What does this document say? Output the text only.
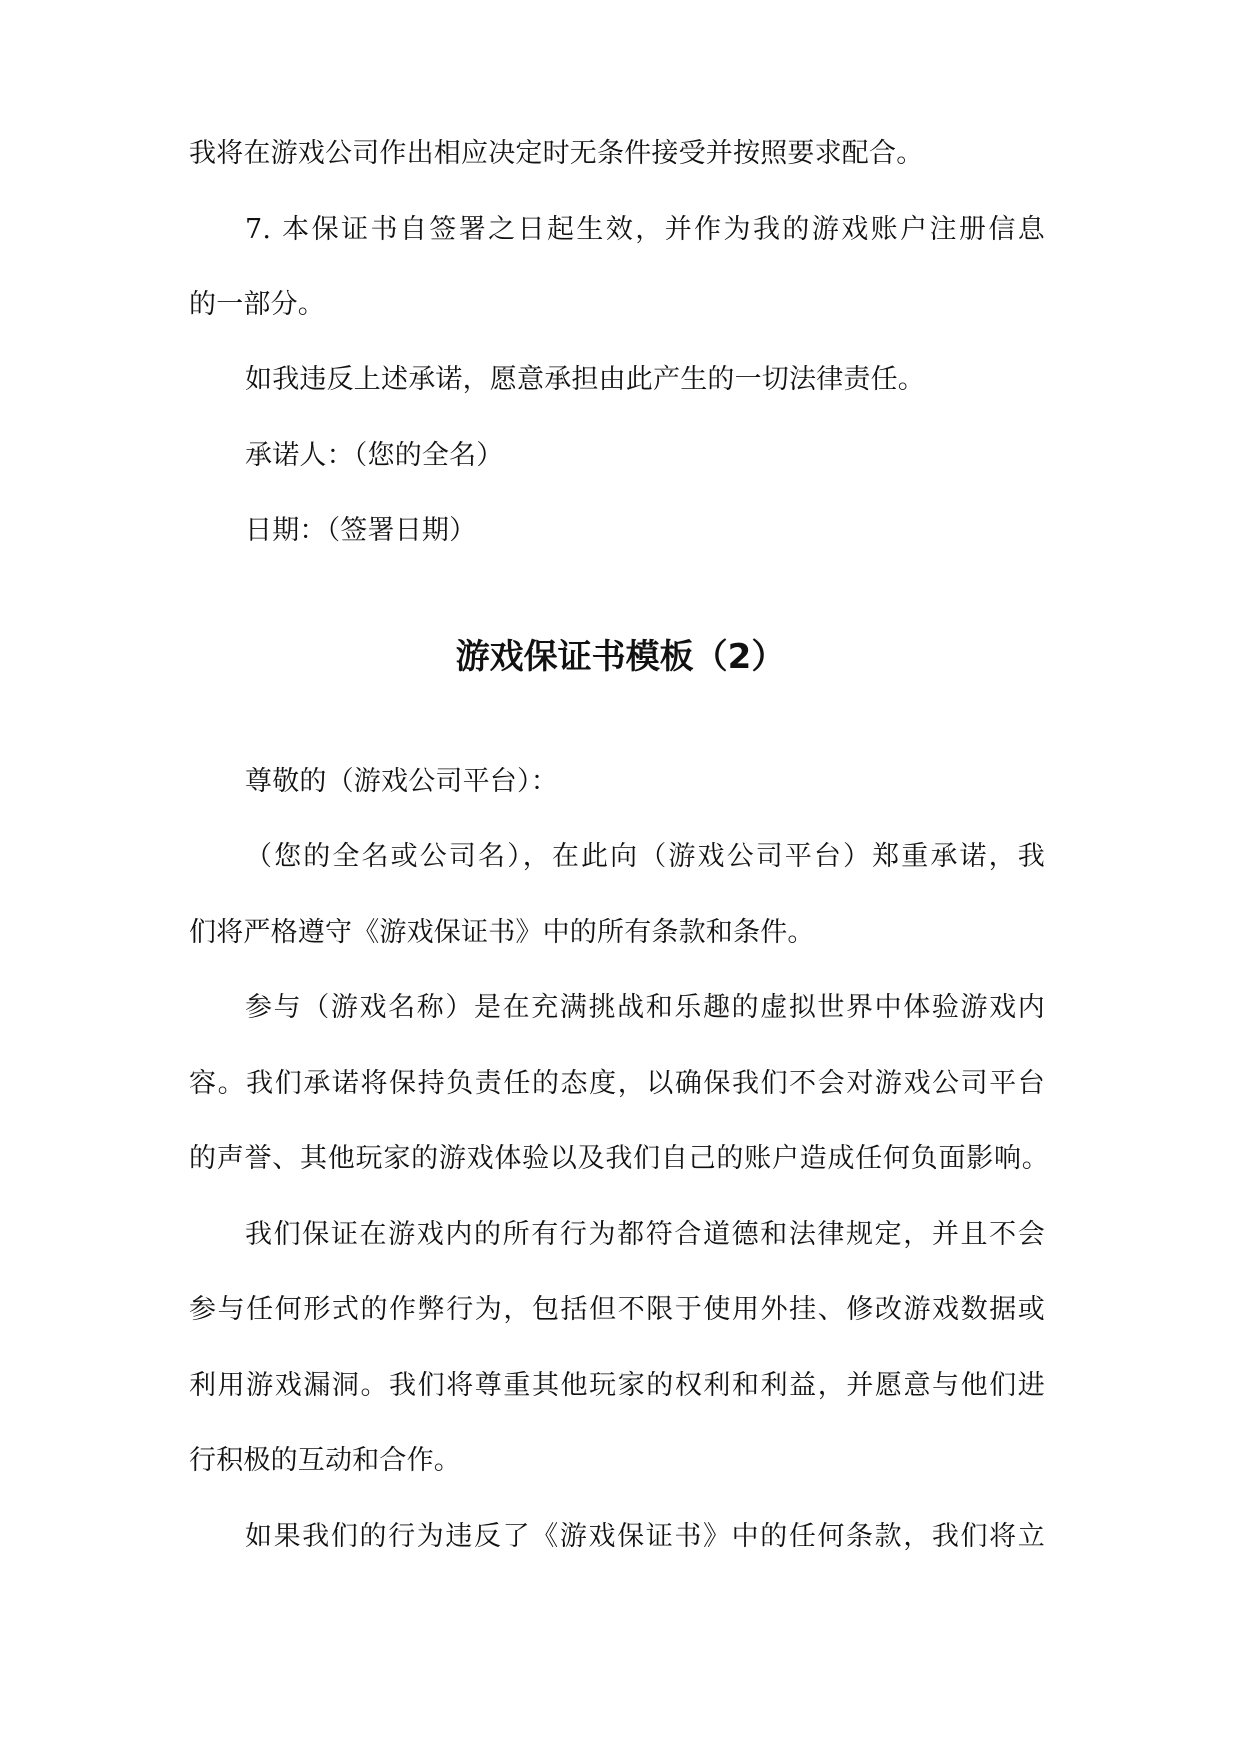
我将在游戏公司作出相应决定时无条件接受并按照要求配合。
7. 本保证书自签署之日起生效，并作为我的游戏账户注册信息
的一部分。
如我违反上述承诺，愿意承担由此产生的一切法律责任。
承诺人：（您的全名）
日期：（签署日期）
游戏保证书模板（2）
尊敬的（游戏公司平台）：
（您的全名或公司名），在此向（游戏公司平台）郑重承诺，我
们将严格遵守《游戏保证书》中的所有条款和条件。
参与（游戏名称）是在充满挑战和乐趣的虚拟世界中体验游戏内
容。我们承诺将保持负责任的态度，以确保我们不会对游戏公司平台
的声誉、其他玩家的游戏体验以及我们自己的账户造成任何负面影响。
我们保证在游戏内的所有行为都符合道德和法律规定，并且不会
参与任何形式的作弊行为，包括但不限于使用外挂、修改游戏数据或
利用游戏漏洞。我们将尊重其他玩家的权利和利益，并愿意与他们进
行积极的互动和合作。
如果我们的行为违反了《游戏保证书》中的任何条款，我们将立
